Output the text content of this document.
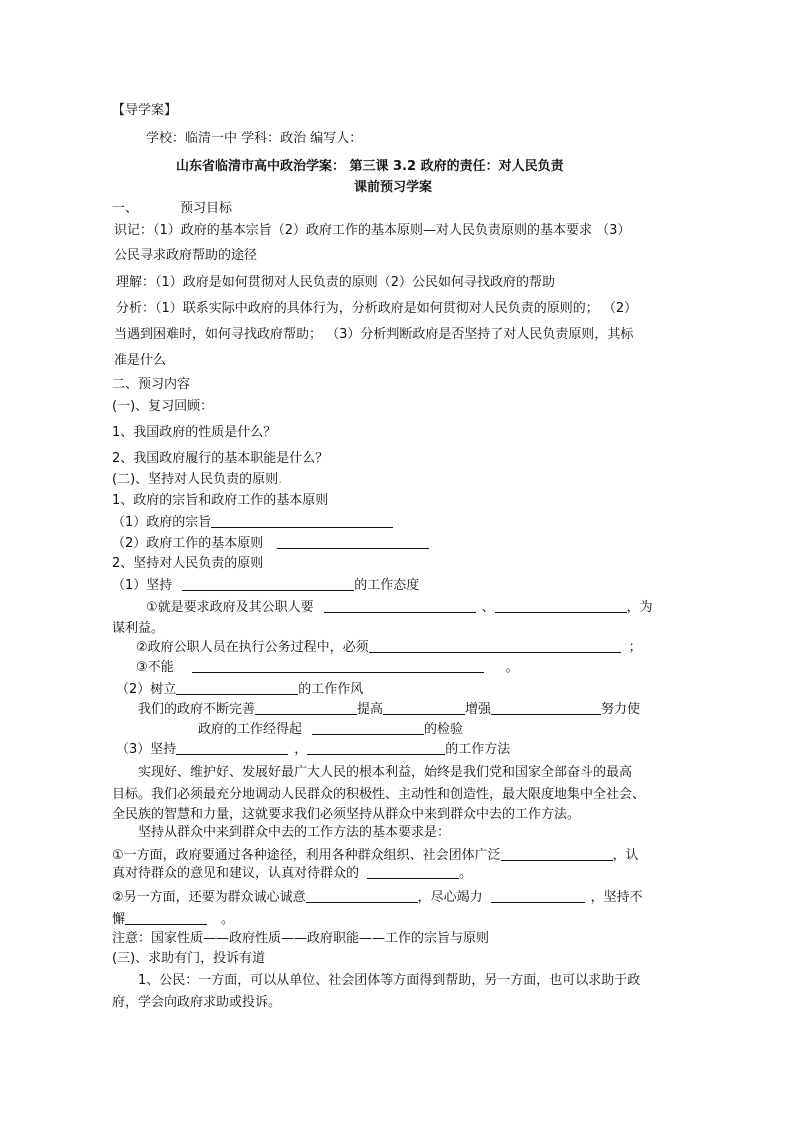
【导学案】
学校：临清一中 学科：政治 编写人：
山东省临清市高中政治学案： 第三课 3.2 政府的责任：对人民负责
课前预习学案
一、	预习目标
识记：（1）政府的基本宗旨（2）政府工作的基本原则—对人民负责原则的基本要求 （3）
公民寻求政府帮助的途径
理解：（1）政府是如何贯彻对人民负责的原则（2）公民如何寻找政府的帮助
分析：（1）联系实际中政府的具体行为，分析政府是如何贯彻对人民负责的原则的； （2）
当遇到困难时，如何寻找政府帮助； （3）分析判断政府是否坚持了对人民负责原则，其标
准是什么
二、预习内容
(一)、复习回顾：
1、我国政府的性质是什么？
2、我国政府履行的基本职能是什么？
(二)、坚持对人民负责的原则.
1、政府的宗旨和政府工作的基本原则
（1）政府的宗旨
（2）政府工作的基本原则
2、坚持对人民负责的原则
（1）坚持	的工作态度
①就是要求政府及其公职人要	、	，为
谋利益。
②政府公职人员在执行公务过程中，必须	；
③不能	。
（2）树立	的工作作风
我们的政府不断完善	提高	增强	努力使
政府的工作经得起	的检验
（3）坚持	，	的工作方法
实现好、维护好、发展好最广大人民的根本利益，始终是我们党和国家全部奋斗的最高
目标。我们必须最充分地调动人民群众的积极性、主动性和创造性，最大限度地集中全社会、
全民族的智慧和力量，这就要求我们必须坚持从群众中来到群众中去的工作方法。
坚持从群众中来到群众中去的工作方法的基本要求是：
①一方面，政府要通过各种途径，利用各种群众组织、社会团体广泛	，认
真对待群众的意见和建议，认真对待群众的	。
②另一方面，还要为群众诚心诚意	，尽心竭力	，坚持不
懈	。
注意：国家性质——政府性质——政府职能——工作的宗旨与原则
(三)、求助有门，投诉有道
1、公民：一方面，可以从单位、社会团体等方面得到帮助，另一方面，也可以求助于政
府，学会向政府求助或投诉。
